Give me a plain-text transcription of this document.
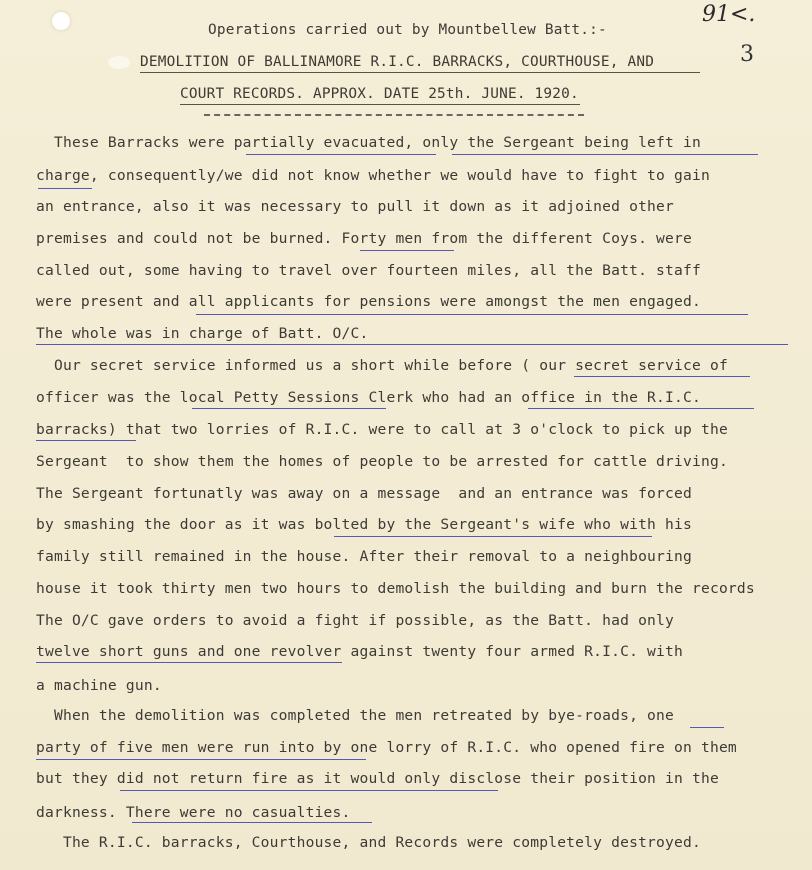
91<.
3
Operations carried out by Mountbellew Batt.:-
DEMOLITION OF BALLINAMORE R.I.C. BARRACKS, COURTHOUSE, AND
COURT RECORDS. APPROX. DATE 25th. JUNE. 1920.
These Barracks were partially evacuated, only the Sergeant being left in
charge, consequently/we did not know whether we would have to fight to gain
an entrance, also it was necessary to pull it down as it adjoined other
premises and could not be burned. Forty men from the different Coys. were
called out, some having to travel over fourteen miles, all the Batt. staff
were present and all applicants for pensions were amongst the men engaged.
The whole was in charge of Batt. O/C.
Our secret service informed us a short while before ( our secret service of
officer was the local Petty Sessions Clerk who had an office in the R.I.C.
barracks) that two lorries of R.I.C. were to call at 3 o'clock to pick up the
Sergeant  to show them the homes of people to be arrested for cattle driving.
The Sergeant fortunatly was away on a message  and an entrance was forced
by smashing the door as it was bolted by the Sergeant's wife who with his
family still remained in the house. After their removal to a neighbouring
house it took thirty men two hours to demolish the building and burn the records
The O/C gave orders to avoid a fight if possible, as the Batt. had only
twelve short guns and one revolver against twenty four armed R.I.C. with
a machine gun.
When the demolition was completed the men retreated by bye-roads, one
party of five men were run into by one lorry of R.I.C. who opened fire on them
but they did not return fire as it would only disclose their position in the
darkness. There were no casualties.
The R.I.C. barracks, Courthouse, and Records were completely destroyed.
